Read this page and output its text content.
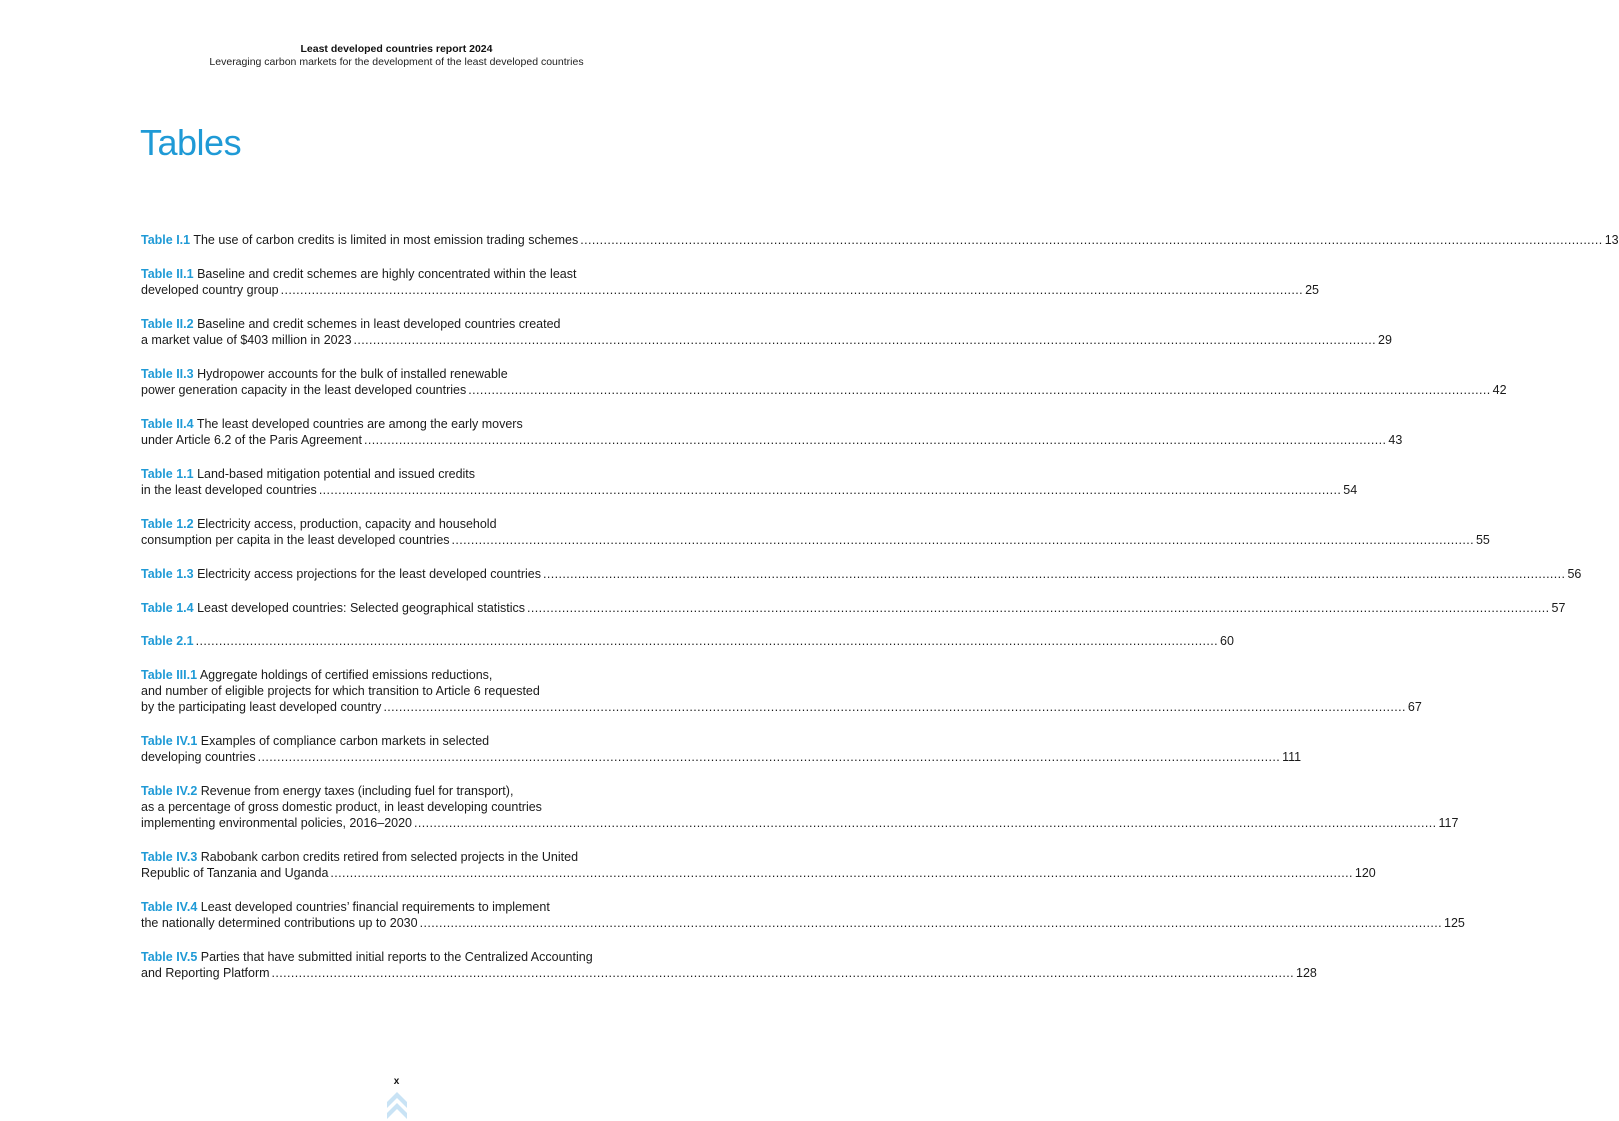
Least developed countries report 2024
Leveraging carbon markets for the development of the least developed countries
Tables
Table I.1 The use of carbon credits is limited in most emission trading schemes .....	13
Table II.1 Baseline and credit schemes are highly concentrated within the least
developed country group .....	25
Table II.2 Baseline and credit schemes in least developed countries created
a market value of $403 million in 2023 .....	29
Table II.3 Hydropower accounts for the bulk of installed renewable
power generation capacity in the least developed countries .....	42
Table II.4 The least developed countries are among the early movers
under Article 6.2 of the Paris Agreement .....	43
Table 1.1 Land-based mitigation potential and issued credits
in the least developed countries .....	54
Table 1.2 Electricity access, production, capacity and household
consumption per capita in the least developed countries .....	55
Table 1.3 Electricity access projections for the least developed countries .....	56
Table 1.4 Least developed countries: Selected geographical statistics .....	57
Table 2.1 .....	60
Table III.1 Aggregate holdings of certified emissions reductions,
and number of eligible projects for which transition to Article 6 requested
by the participating least developed country .....	67
Table IV.1 Examples of compliance carbon markets in selected
developing countries .....	111
Table IV.2 Revenue from energy taxes (including fuel for transport),
as a percentage of gross domestic product, in least developing countries
implementing environmental policies, 2016–2020 .....	117
Table IV.3 Rabobank carbon credits retired from selected projects in the United
Republic of Tanzania and Uganda .....	120
Table IV.4 Least developed countries’ financial requirements to implement
the nationally determined contributions up to 2030 .....	125
Table IV.5 Parties that have submitted initial reports to the Centralized Accounting
and Reporting Platform .....	128
x
